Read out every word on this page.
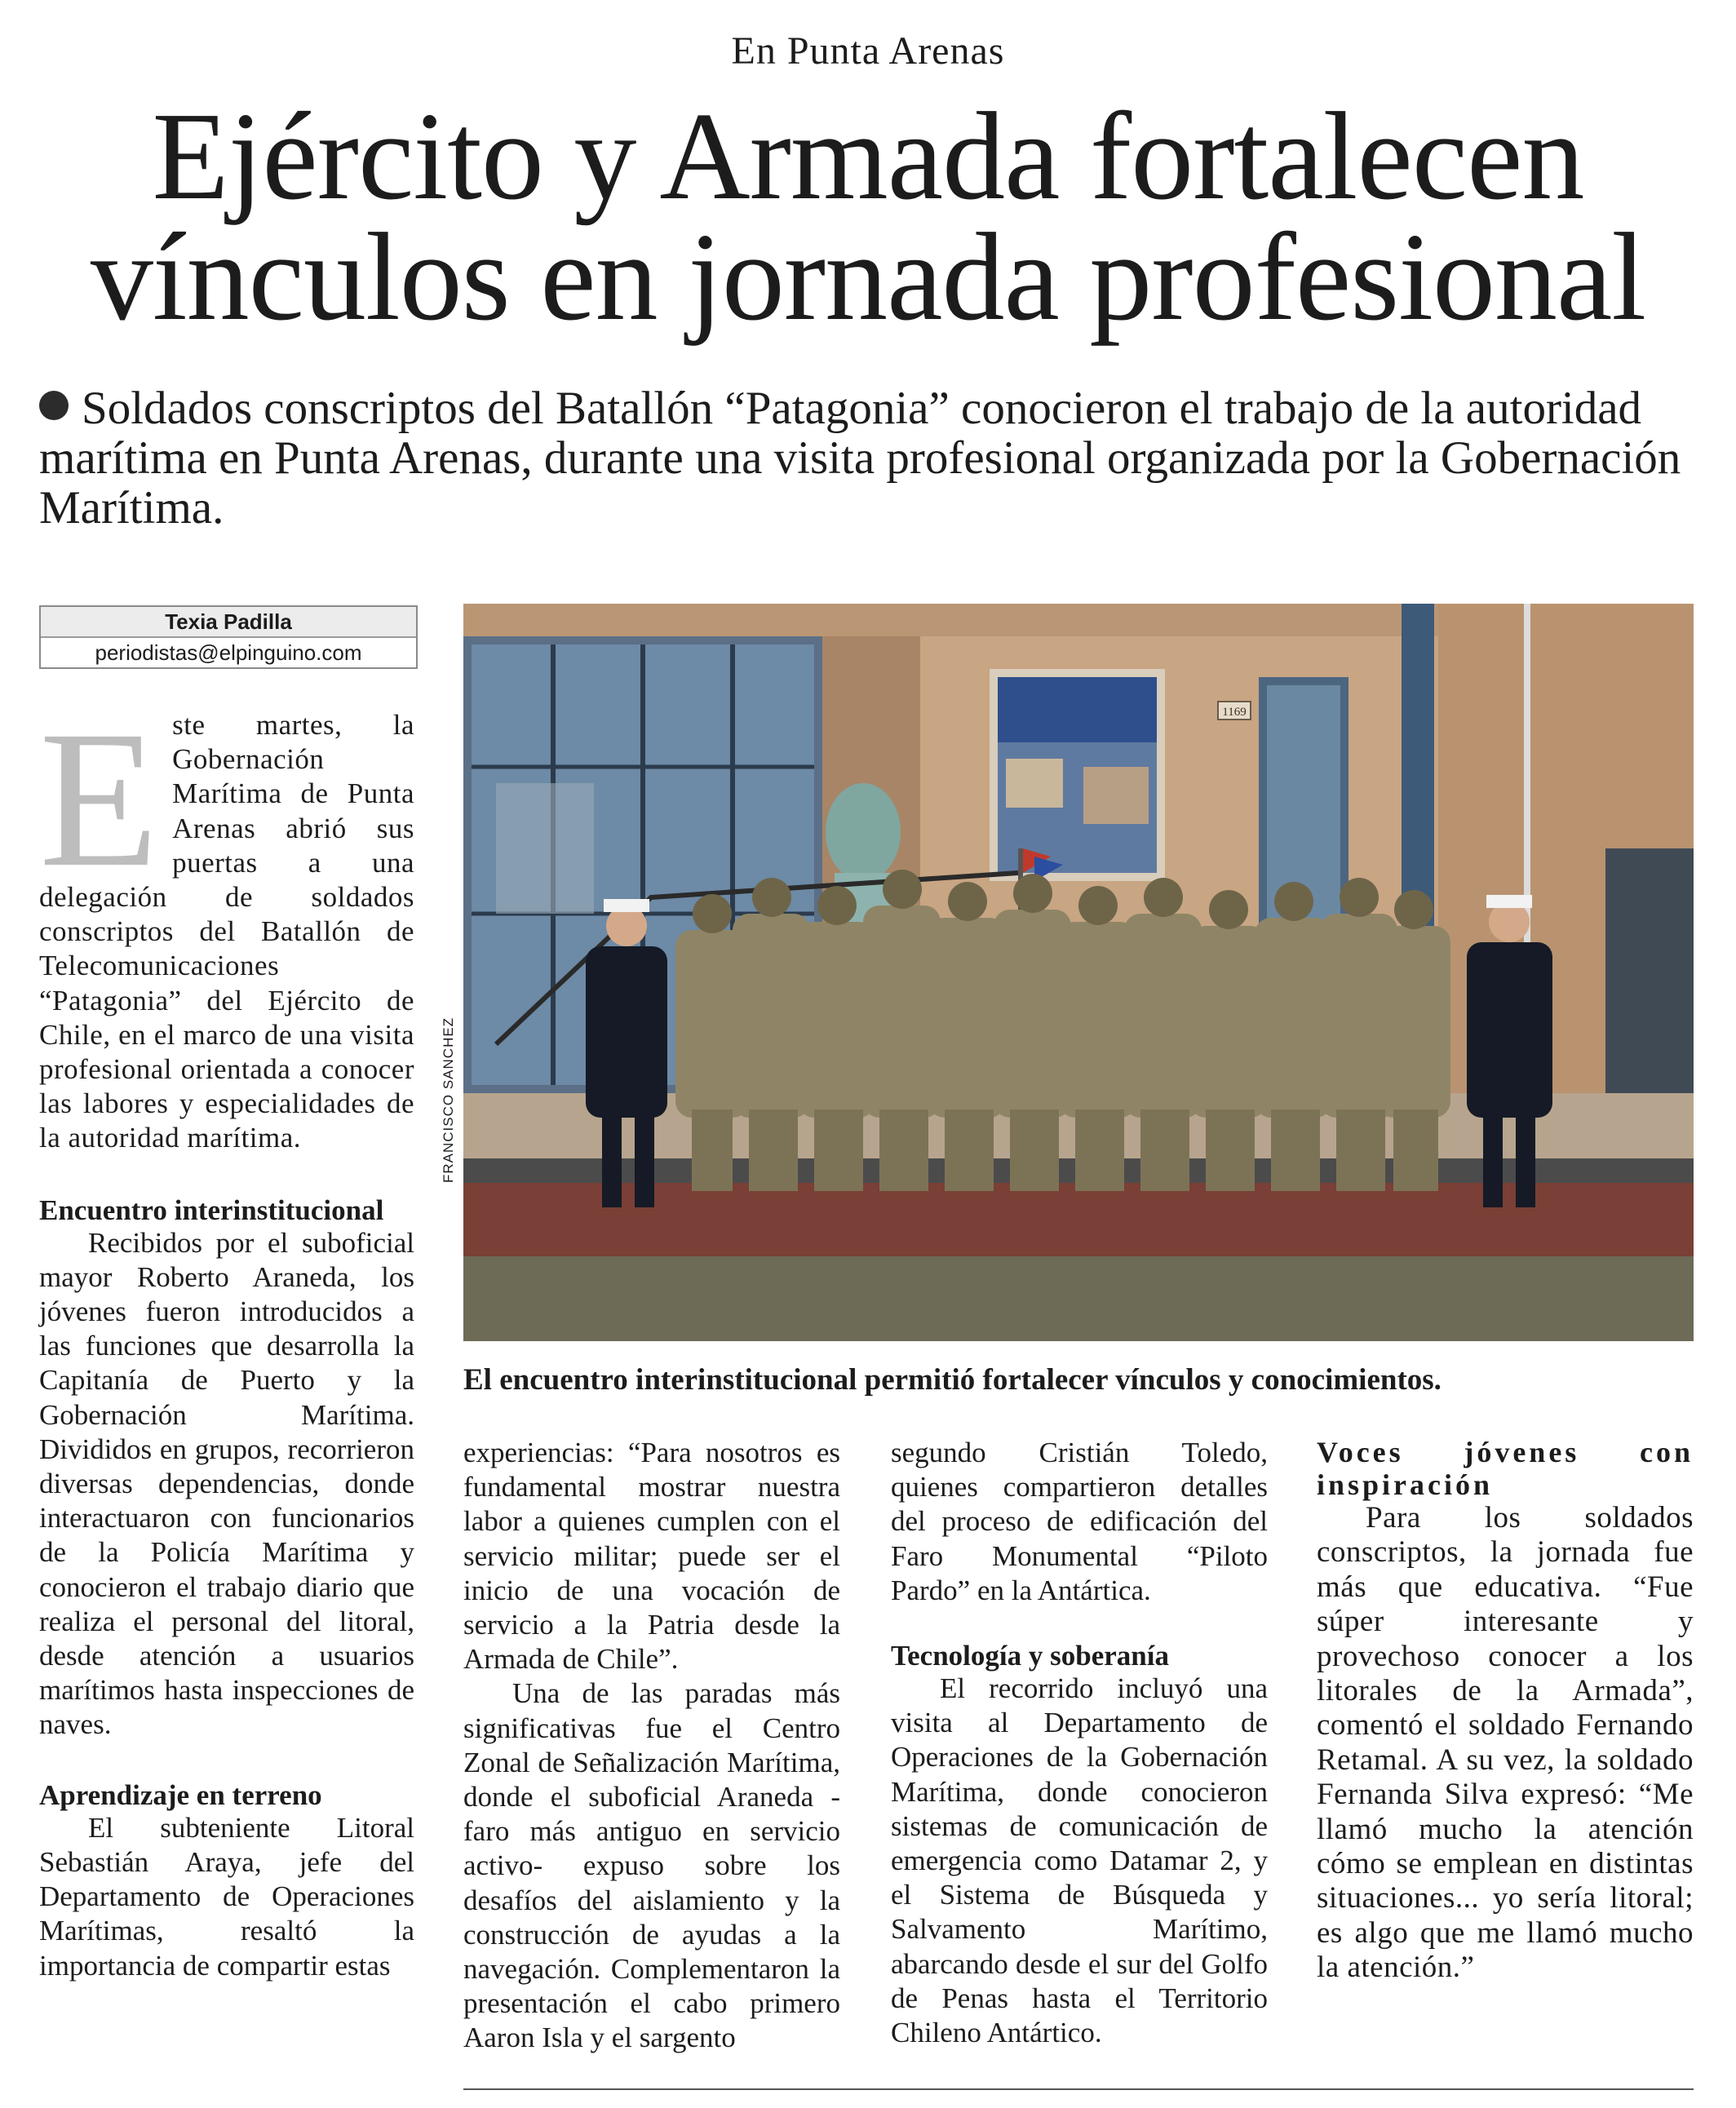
En Punta Arenas
Ejército y Armada fortalecen
vínculos en jornada profesional
Soldados conscriptos del Batallón “Patagonia” conocieron el trabajo de la autoridad marítima en Punta Arenas, durante una visita profesional organizada por la Gobernación Marítima.
Texia Padilla
periodistas@elpinguino.com

Este martes, la Gobernación Marítima de Punta Arenas abrió sus puertas a una delegación de soldados conscriptos del Batallón de Telecomunicaciones “Patagonia” del Ejército de Chile, en el marco de una visita profesional orientada a conocer las labores y especialidades de la autoridad marítima.

Encuentro interinstitucional

Recibidos por el suboficial mayor Roberto Araneda, los jóvenes fueron introducidos a las funciones que desarrolla la Capitanía de Puerto y la Gobernación Marítima. Divididos en grupos, recorrieron diversas dependencias, donde interactuaron con funcionarios de la Policía Marítima y conocieron el trabajo diario que realiza el personal del litoral, desde atención a usuarios marítimos hasta inspecciones de naves.

Aprendizaje en terreno

El subteniente Litoral Sebastián Araya, jefe del Departamento de Operaciones Marítimas, resaltó la importancia de compartir estas

1169
FRANCISCO SANCHEZ
El encuentro interinstitucional permitió fortalecer vínculos y conocimientos.

experiencias: “Para nosotros es fundamental mostrar nuestra labor a quienes cumplen con el servicio militar; puede ser el inicio de una vocación de servicio a la Patria desde la Armada de Chile”.

Una de las paradas más significativas fue el Centro Zonal de Señalización Marítima, donde el suboficial Araneda -faro más antiguo en servicio activo- expuso sobre los desafíos del aislamiento y la construcción de ayudas a la navegación. Complementaron la presentación el cabo primero Aaron Isla y el sargento

segundo Cristián Toledo, quienes compartieron detalles del proceso de edificación del Faro Monumental “Piloto Pardo” en la Antártica.

Tecnología y soberanía

El recorrido incluyó una visita al Departamento de Operaciones de la Gobernación Marítima, donde conocieron sistemas de comunicación de emergencia como Datamar 2, y el Sistema de Búsqueda y Salvamento Marítimo, abarcando desde el sur del Golfo de Penas hasta el Territorio Chileno Antártico.

Voces jóvenes con inspiración

Para los soldados conscriptos, la jornada fue más que educativa. “Fue súper interesante y provechoso conocer a los litorales de la Armada”, comentó el soldado Fernando Retamal. A su vez, la soldado Fernanda Silva expresó: “Me llamó mucho la atención cómo se emplean en distintas situaciones... yo sería litoral; es algo que me llamó mucho la atención.”
